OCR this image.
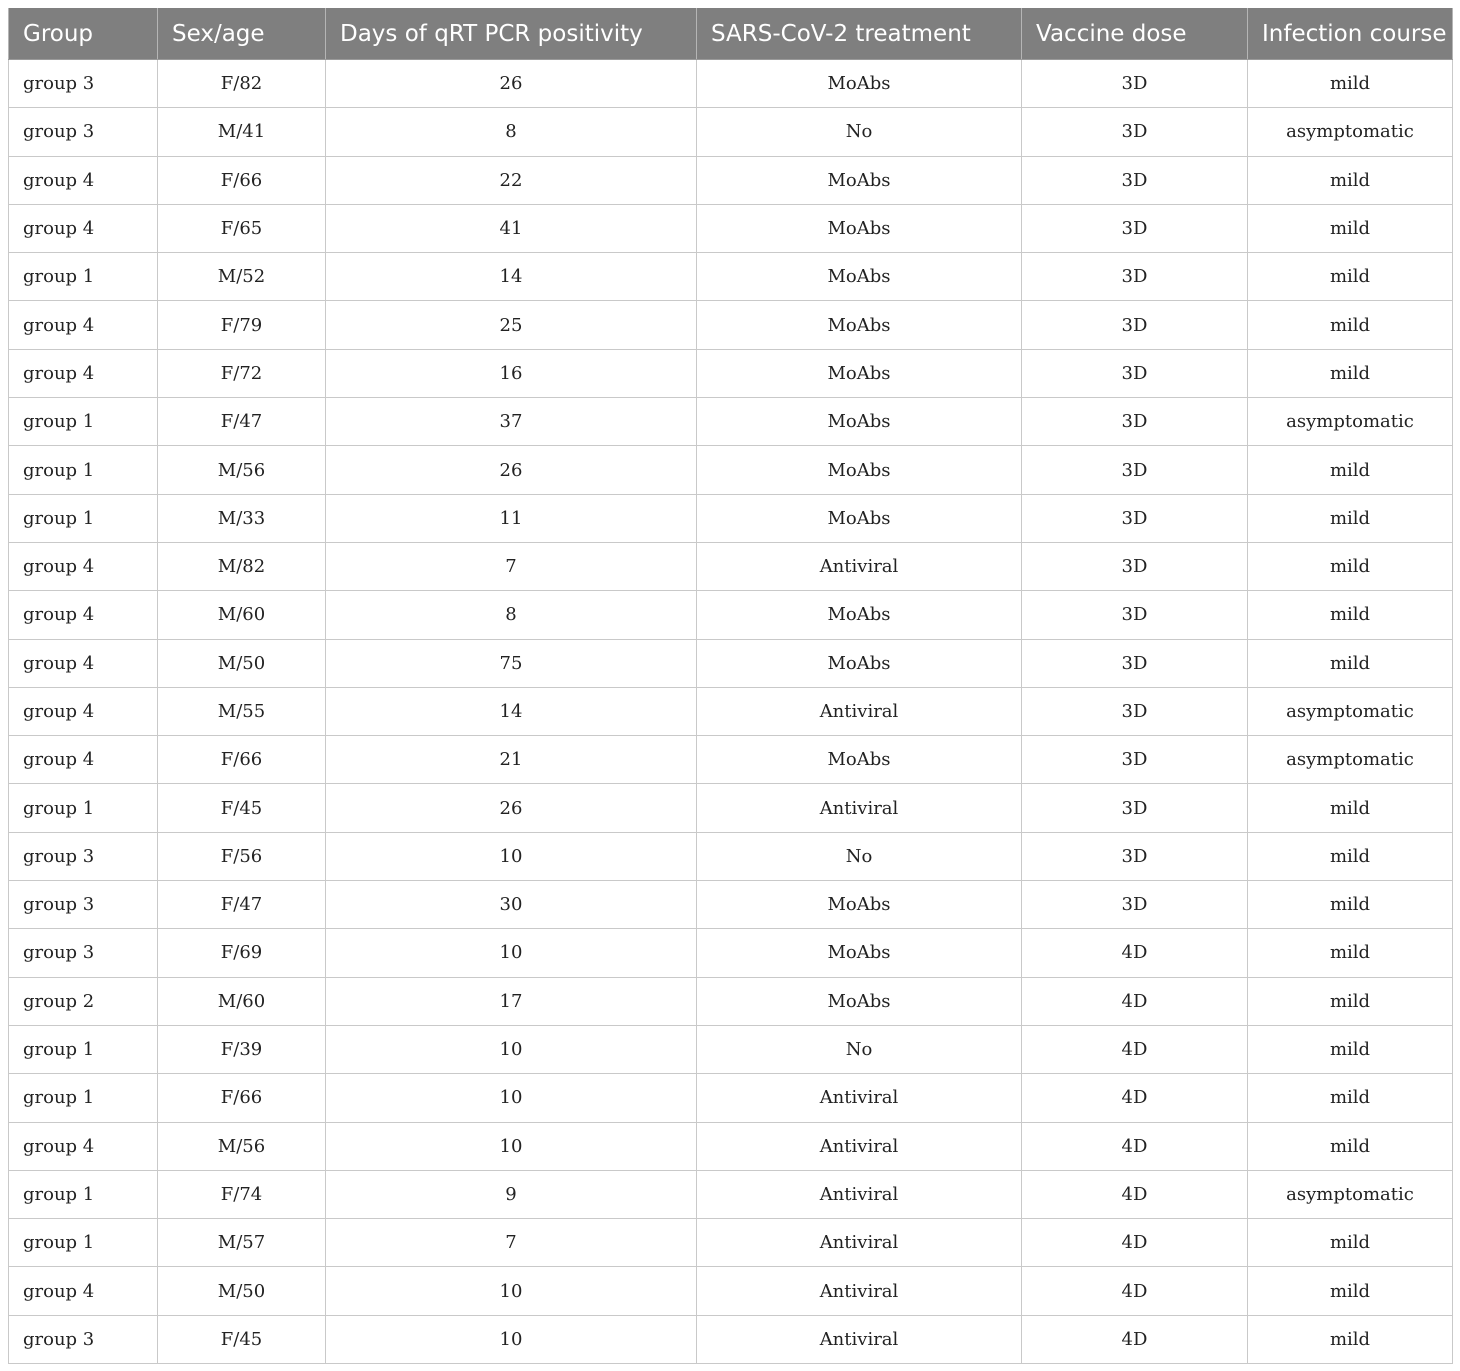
Group	Sex/age	Days of qRT PCR positivity	SARS-CoV-2 treatment	Vaccine dose	Infection course
group 3	F/82	26	MoAbs	3D	mild
group 3	M/41	8	No	3D	asymptomatic
group 4	F/66	22	MoAbs	3D	mild
group 4	F/65	41	MoAbs	3D	mild
group 1	M/52	14	MoAbs	3D	mild
group 4	F/79	25	MoAbs	3D	mild
group 4	F/72	16	MoAbs	3D	mild
group 1	F/47	37	MoAbs	3D	asymptomatic
group 1	M/56	26	MoAbs	3D	mild
group 1	M/33	11	MoAbs	3D	mild
group 4	M/82	7	Antiviral	3D	mild
group 4	M/60	8	MoAbs	3D	mild
group 4	M/50	75	MoAbs	3D	mild
group 4	M/55	14	Antiviral	3D	asymptomatic
group 4	F/66	21	MoAbs	3D	asymptomatic
group 1	F/45	26	Antiviral	3D	mild
group 3	F/56	10	No	3D	mild
group 3	F/47	30	MoAbs	3D	mild
group 3	F/69	10	MoAbs	4D	mild
group 2	M/60	17	MoAbs	4D	mild
group 1	F/39	10	No	4D	mild
group 1	F/66	10	Antiviral	4D	mild
group 4	M/56	10	Antiviral	4D	mild
group 1	F/74	9	Antiviral	4D	asymptomatic
group 1	M/57	7	Antiviral	4D	mild
group 4	M/50	10	Antiviral	4D	mild
group 3	F/45	10	Antiviral	4D	mild
